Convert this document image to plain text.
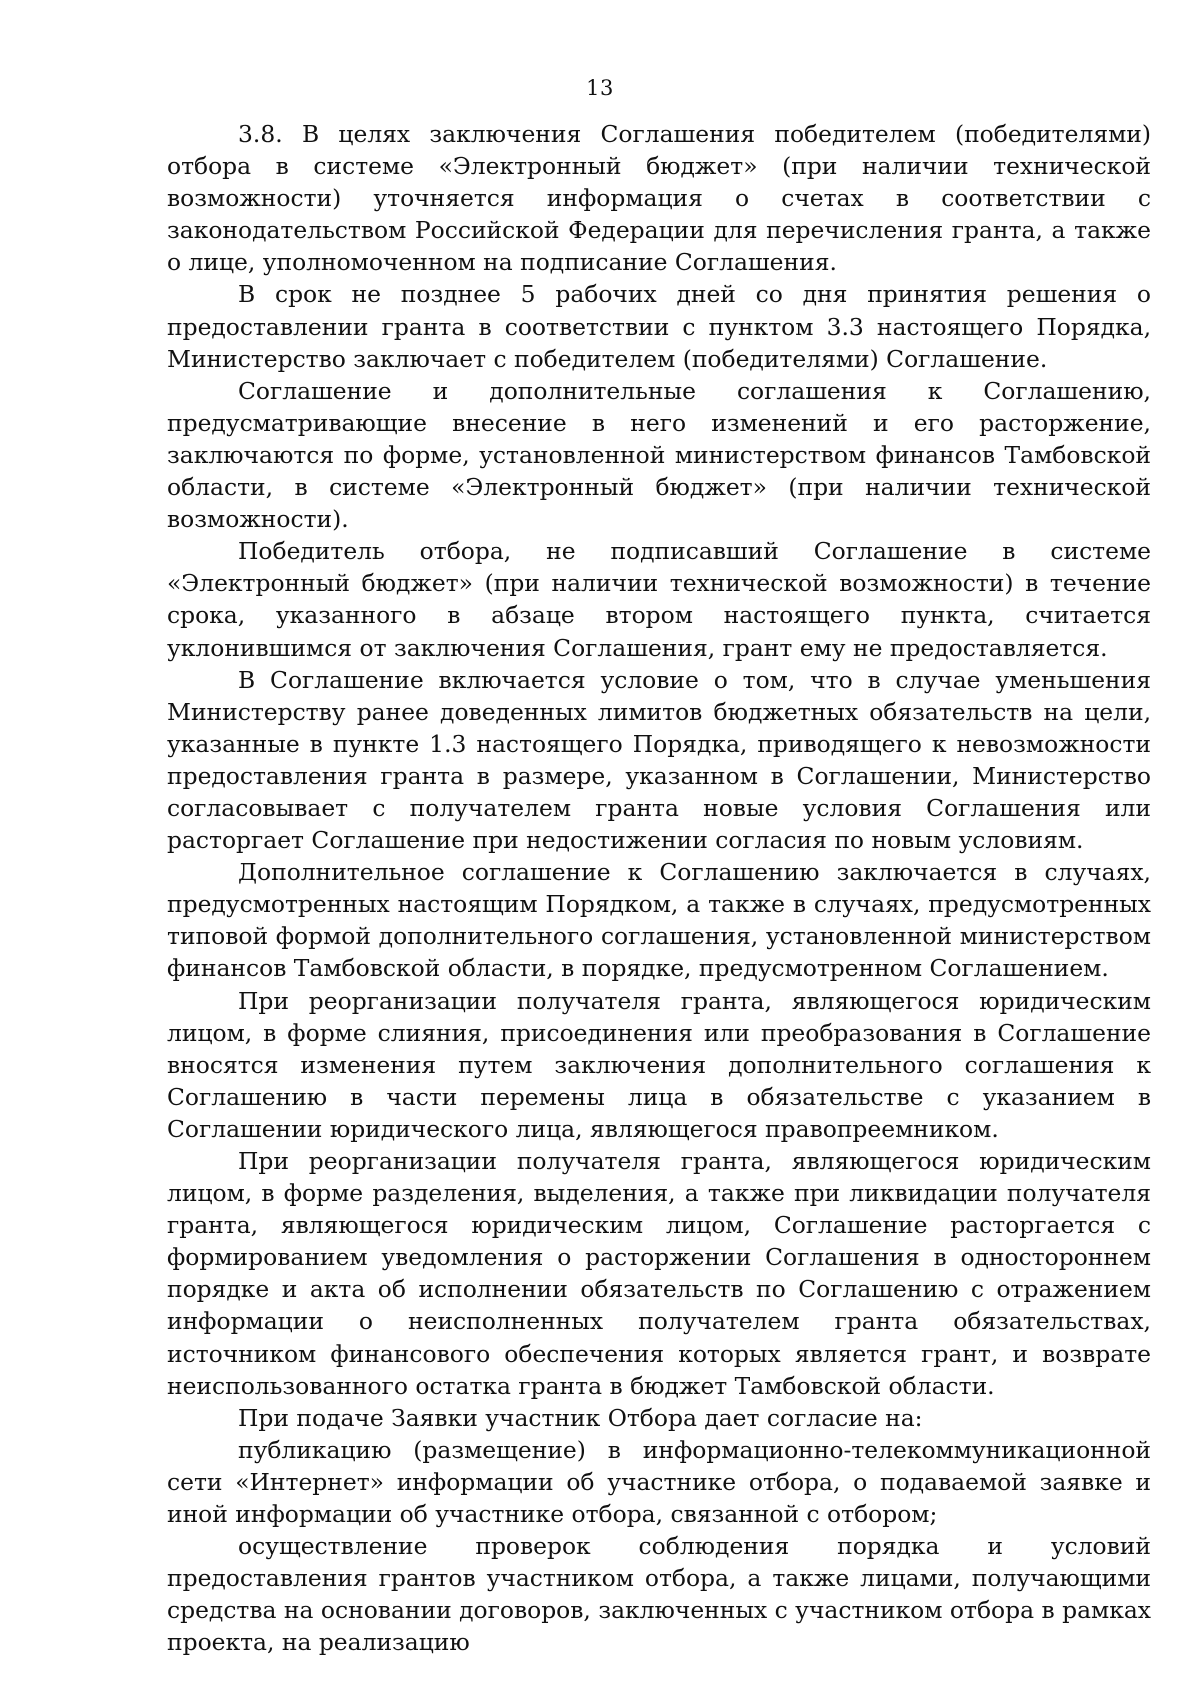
13

3.8. В целях заключения Соглашения победителем (победителями) отбора в системе «Электронный бюджет» (при наличии технической возможности) уточняется информация о счетах в соответствии с законодательством Российской Федерации для перечисления гранта, а также о лице, уполномоченном на подписание Соглашения.

В срок не позднее 5 рабочих дней со дня принятия решения о предоставлении гранта в соответствии с пунктом 3.3 настоящего Порядка, Министерство заключает с победителем (победителями) Соглашение.

Соглашение и дополнительные соглашения к Соглашению, предусматривающие внесение в него изменений и его расторжение, заключаются по форме, установленной министерством финансов Тамбовской области, в системе «Электронный бюджет» (при наличии технической возможности).

Победитель отбора, не подписавший Соглашение в системе «Электронный бюджет» (при наличии технической возможности) в течение срока, указанного в абзаце втором настоящего пункта, считается уклонившимся от заключения Соглашения, грант ему не предоставляется.

В Соглашение включается условие о том, что в случае уменьшения Министерству ранее доведенных лимитов бюджетных обязательств на цели, указанные в пункте 1.3 настоящего Порядка, приводящего к невозможности предоставления гранта в размере, указанном в Соглашении, Министерство согласовывает с получателем гранта новые условия Соглашения или расторгает Соглашение при недостижении согласия по новым условиям.

Дополнительное соглашение к Соглашению заключается в случаях, предусмотренных настоящим Порядком, а также в случаях, предусмотренных типовой формой дополнительного соглашения, установленной министерством финансов Тамбовской области, в порядке, предусмотренном Соглашением.

При реорганизации получателя гранта, являющегося юридическим лицом, в форме слияния, присоединения или преобразования в Соглашение вносятся изменения путем заключения дополнительного соглашения к Соглашению в части перемены лица в обязательстве с указанием в Соглашении юридического лица, являющегося правопреемником.

При реорганизации получателя гранта, являющегося юридическим лицом, в форме разделения, выделения, а также при ликвидации получателя гранта, являющегося юридическим лицом, Соглашение расторгается с формированием уведомления о расторжении Соглашения в одностороннем порядке и акта об исполнении обязательств по Соглашению с отражением информации о неисполненных получателем гранта обязательствах, источником финансового обеспечения которых является грант, и возврате неиспользованного остатка гранта в бюджет Тамбовской области.

При подаче Заявки участник Отбора дает согласие на:

публикацию (размещение) в информационно-телекоммуникационной сети «Интернет» информации об участнике отбора, о подаваемой заявке и иной информации об участнике отбора, связанной с отбором;

осуществление проверок соблюдения порядка и условий предоставления грантов участником отбора, а также лицами, получающими средства на основании договоров, заключенных с участником отбора в рамках проекта, на реализацию
